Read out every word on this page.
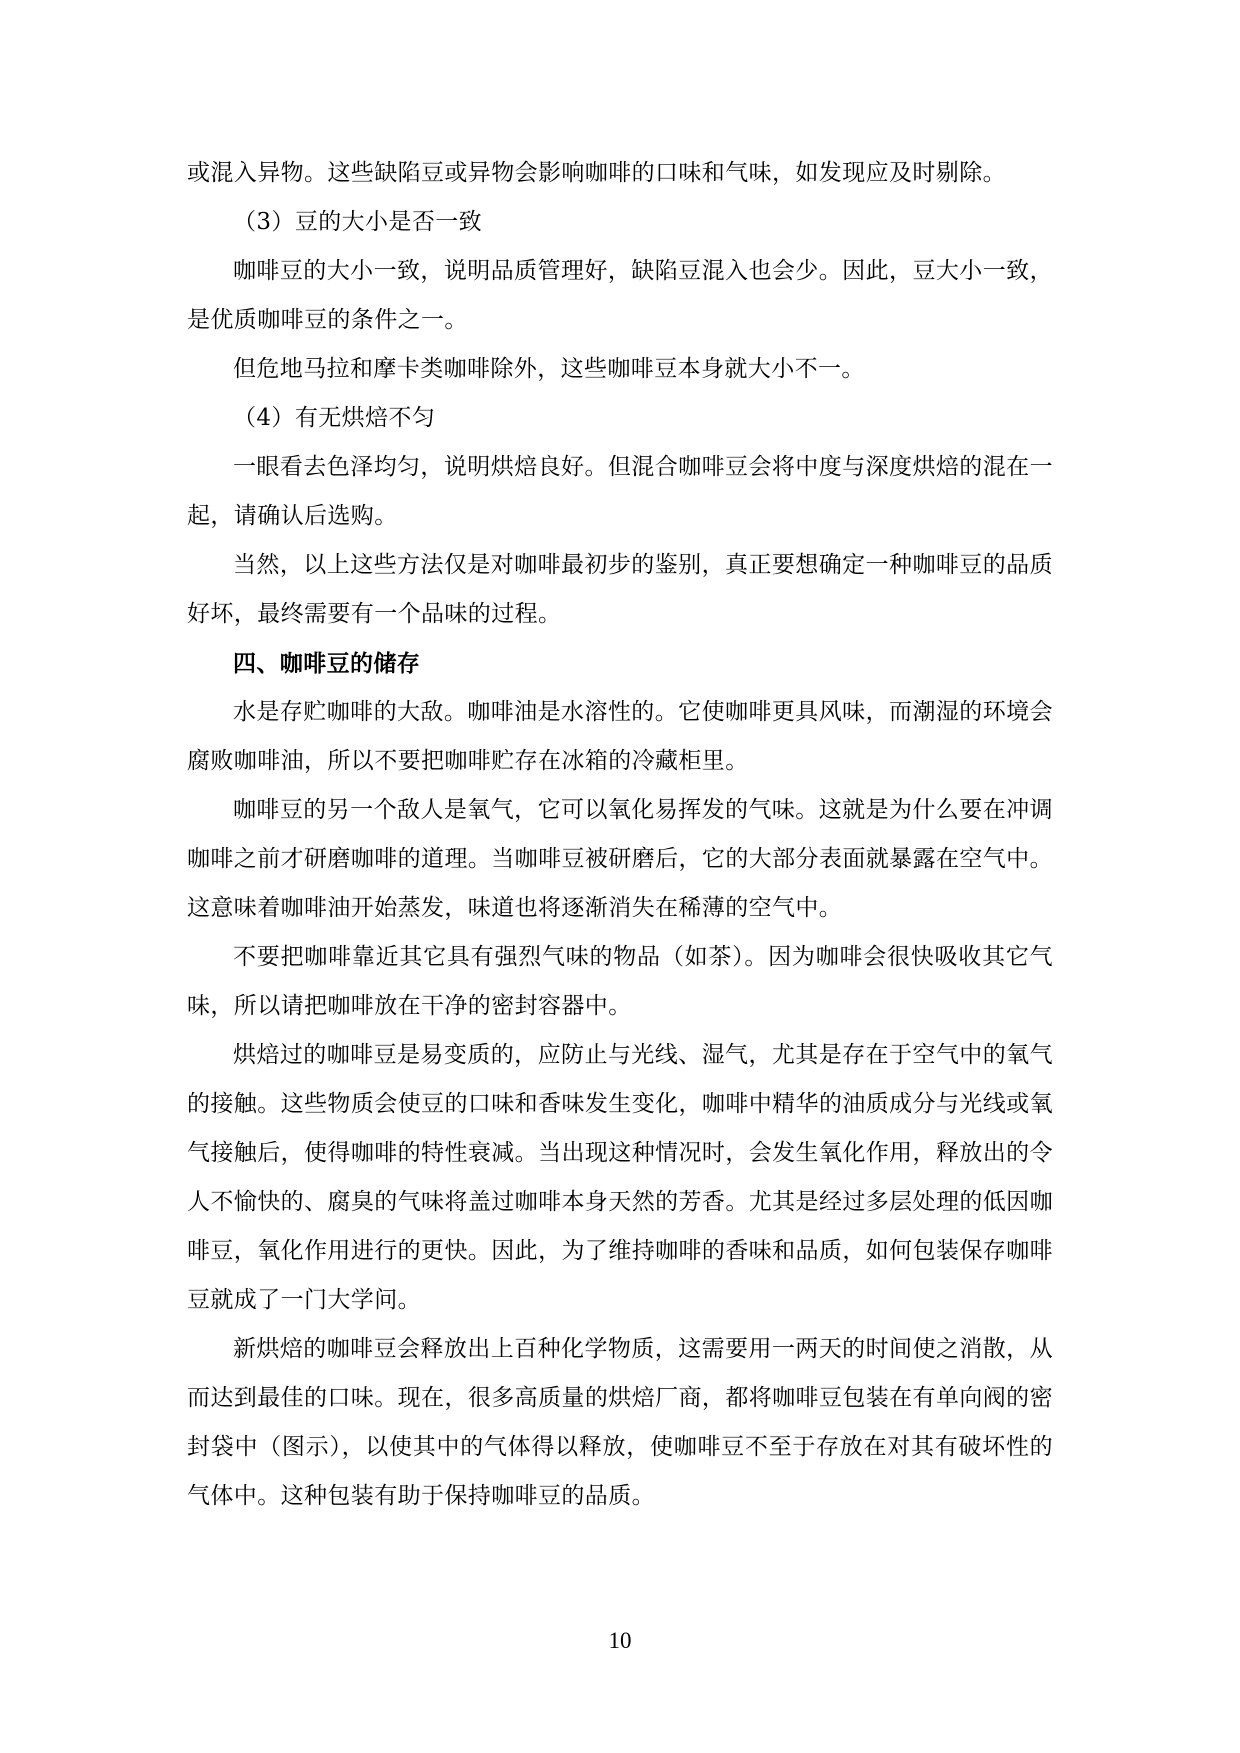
或混入异物。这些缺陷豆或异物会影响咖啡的口味和气味，如发现应及时剔除。

（3）豆的大小是否一致

咖啡豆的大小一致，说明品质管理好，缺陷豆混入也会少。因此，豆大小一致，是优质咖啡豆的条件之一。

但危地马拉和摩卡类咖啡除外，这些咖啡豆本身就大小不一。

（4）有无烘焙不匀

一眼看去色泽均匀，说明烘焙良好。但混合咖啡豆会将中度与深度烘焙的混在一起，请确认后选购。

当然，以上这些方法仅是对咖啡最初步的鉴别，真正要想确定一种咖啡豆的品质好坏，最终需要有一个品味的过程。

四、咖啡豆的储存

水是存贮咖啡的大敌。咖啡油是水溶性的。它使咖啡更具风味，而潮湿的环境会腐败咖啡油，所以不要把咖啡贮存在冰箱的冷藏柜里。

咖啡豆的另一个敌人是氧气，它可以氧化易挥发的气味。这就是为什么要在冲调咖啡之前才研磨咖啡的道理。当咖啡豆被研磨后，它的大部分表面就暴露在空气中。这意味着咖啡油开始蒸发，味道也将逐渐消失在稀薄的空气中。

不要把咖啡靠近其它具有强烈气味的物品（如茶）。因为咖啡会很快吸收其它气味，所以请把咖啡放在干净的密封容器中。

烘焙过的咖啡豆是易变质的，应防止与光线、湿气，尤其是存在于空气中的氧气的接触。这些物质会使豆的口味和香味发生变化，咖啡中精华的油质成分与光线或氧气接触后，使得咖啡的特性衰减。当出现这种情况时，会发生氧化作用，释放出的令人不愉快的、腐臭的气味将盖过咖啡本身天然的芳香。尤其是经过多层处理的低因咖啡豆，氧化作用进行的更快。因此，为了维持咖啡的香味和品质，如何包装保存咖啡豆就成了一门大学问。

新烘焙的咖啡豆会释放出上百种化学物质，这需要用一两天的时间使之消散，从而达到最佳的口味。现在，很多高质量的烘焙厂商，都将咖啡豆包装在有单向阀的密封袋中（图示），以使其中的气体得以释放，使咖啡豆不至于存放在对其有破坏性的气体中。这种包装有助于保持咖啡豆的品质。

10
